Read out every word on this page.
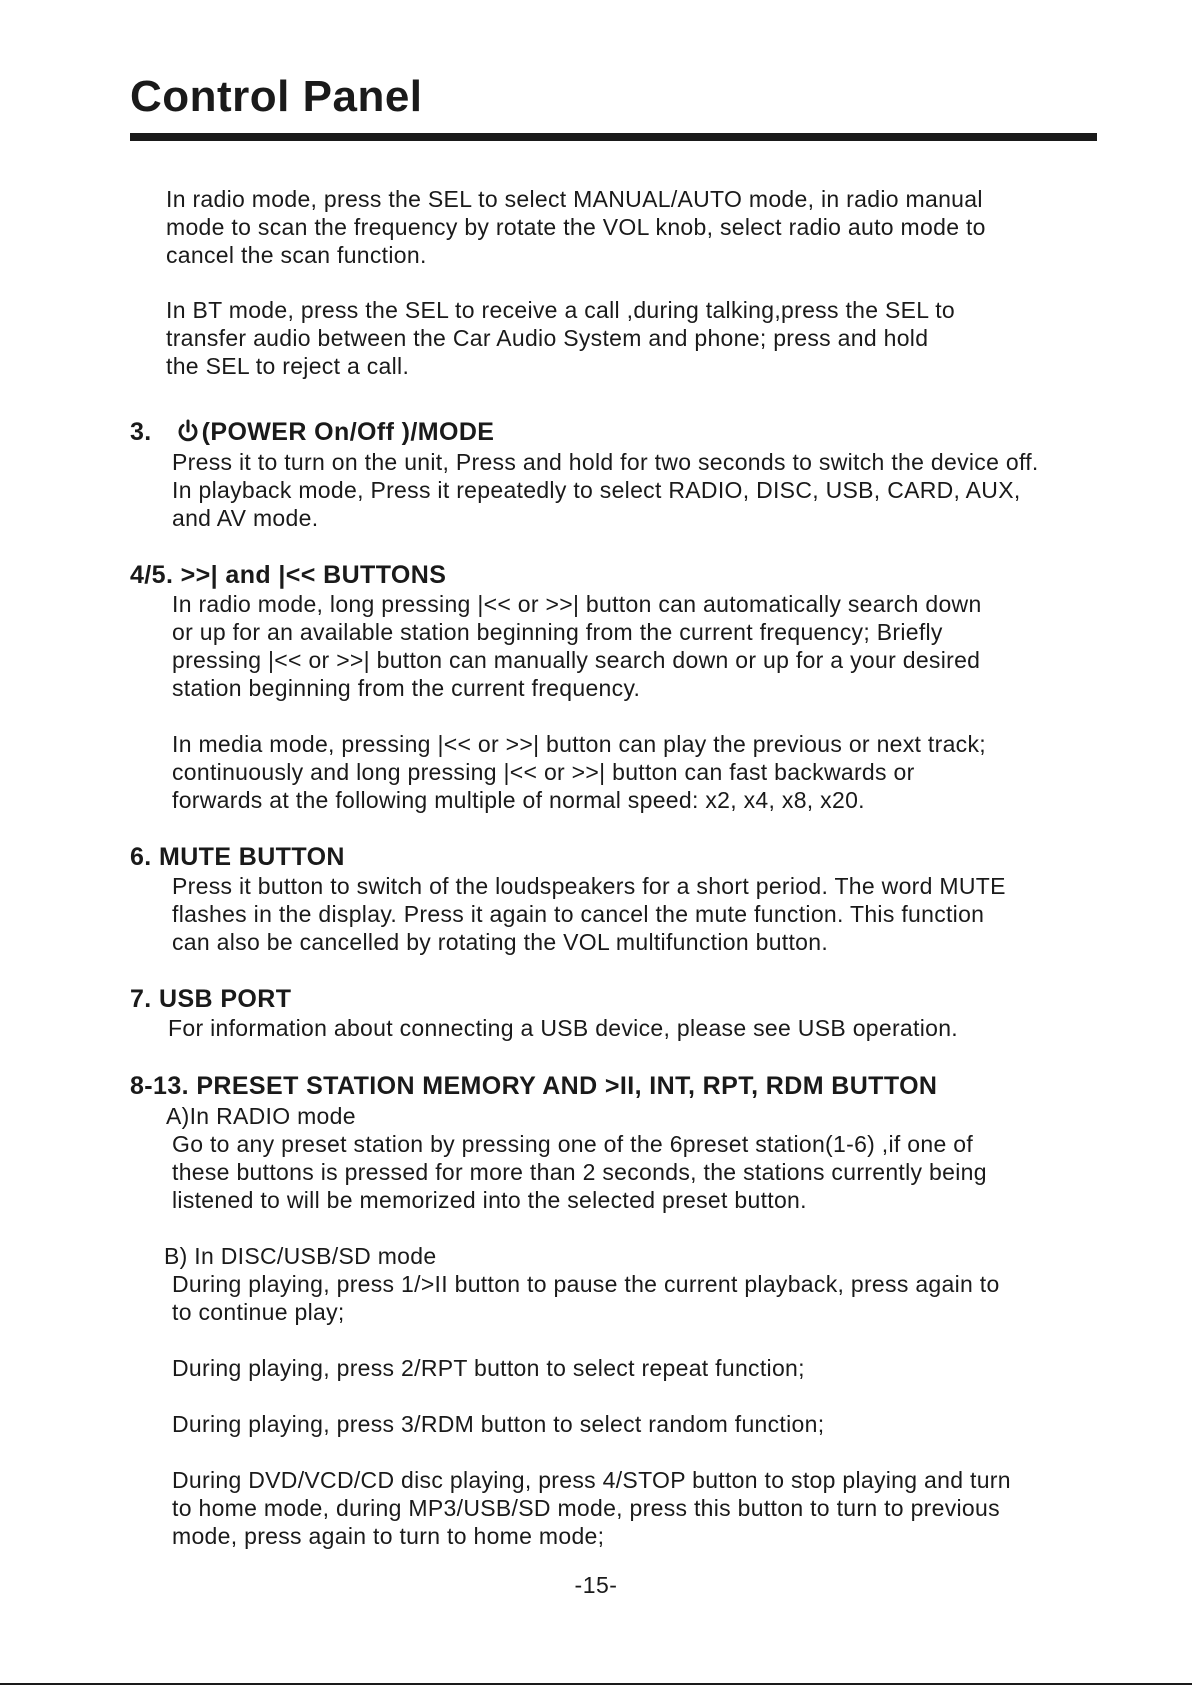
Control Panel
In radio mode, press the SEL to select MANUAL/AUTO mode, in radio manual
mode to scan the frequency by rotate the VOL knob, select radio auto mode to
cancel the scan function.
In BT mode, press the SEL to receive a call ,during talking,press the SEL to
transfer audio between the Car Audio System and phone; press and hold
the SEL to reject a call.
3. (POWER On/Off )/MODE
Press it to turn on the unit, Press and hold for two seconds to switch the device off.
In playback mode, Press it repeatedly to select RADIO, DISC, USB, CARD, AUX,
and AV mode.
4/5. >>| and |<< BUTTONS
In radio mode, long pressing |<< or >>| button can automatically search down
or up for an available station beginning from the current frequency; Briefly
pressing |<< or >>| button can manually search down or up for a your desired
station beginning from the current frequency.
In media mode, pressing |<< or >>| button can play the previous or next track;
continuously and long pressing |<< or >>| button can fast backwards or
forwards at the following multiple of normal speed: x2, x4, x8, x20.
6. MUTE BUTTON
Press it button to switch of the loudspeakers for a short period. The word MUTE
flashes in the display. Press it again to cancel the mute function. This function
can also be cancelled by rotating the VOL multifunction button.
7. USB PORT
For information about connecting a USB device, please see USB operation.
8-13. PRESET STATION MEMORY AND >II, INT, RPT, RDM BUTTON
A)In RADIO mode
Go to any preset station by pressing one of the 6preset station(1-6) ,if one of
these buttons is pressed for more than 2 seconds, the stations currently being
listened to will be memorized into the selected preset button.
B) In DISC/USB/SD mode
During playing, press 1/>II button to pause the current playback, press again to
to continue play;
During playing, press 2/RPT button to select repeat function;
During playing, press 3/RDM button to select random function;
During DVD/VCD/CD disc playing, press 4/STOP button to stop playing and turn
to home mode, during MP3/USB/SD mode, press this button to turn to previous
mode, press again to turn to home mode;
-15-
